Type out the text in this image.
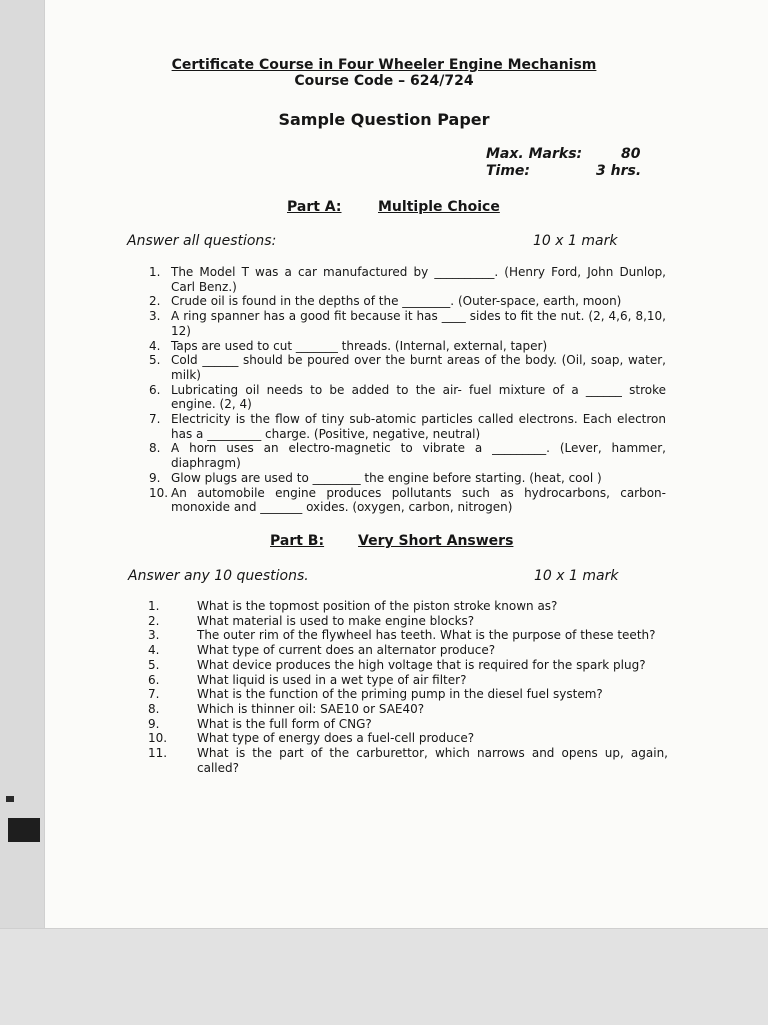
Certificate Course in Four Wheeler Engine Mechanism
Course Code – 624/724
Sample Question Paper
Max. Marks:	80
Time:	3 hrs.
Part A:	Multiple Choice
Answer all questions:	10 x 1 mark
1. The Model T was a car manufactured by __________. (Henry Ford, John Dunlop, Carl Benz.)
2. Crude oil is found in the depths of the ________. (Outer-space, earth, moon)
3. A ring spanner has a good fit because it has ____ sides to fit the nut. (2, 4,6, 8,10, 12)
4. Taps are used to cut _______ threads. (Internal, external, taper)
5. Cold ______ should be poured over the burnt areas of the body. (Oil, soap, water, milk)
6. Lubricating oil needs to be added to the air- fuel mixture of a ______ stroke engine. (2, 4)
7. Electricity is the flow of tiny sub-atomic particles called electrons. Each electron has a _________ charge. (Positive, negative, neutral)
8. A horn uses an electro-magnetic to vibrate a _________. (Lever, hammer, diaphragm)
9. Glow plugs are used to ________ the engine before starting. (heat, cool )
10. An automobile engine produces pollutants such as hydrocarbons, carbon-monoxide and _______ oxides. (oxygen, carbon, nitrogen)
Part B: Very Short Answers
Answer any 10 questions.	10 x 1 mark
1.	What is the topmost position of the piston stroke known as?
2.	What material is used to make engine blocks?
3.	The outer rim of the flywheel has teeth. What is the purpose of these teeth?
4.	What type of current does an alternator produce?
5.	What device produces the high voltage that is required for the spark plug?
6.	What liquid is used in a wet type of air filter?
7.	What is the function of the priming pump in the diesel fuel system?
8.	Which is thinner oil: SAE10 or SAE40?
9.	What is the full form of CNG?
10.	What type of energy does a fuel-cell produce?
11.	What is the part of the carburettor, which narrows and opens up, again, called?
